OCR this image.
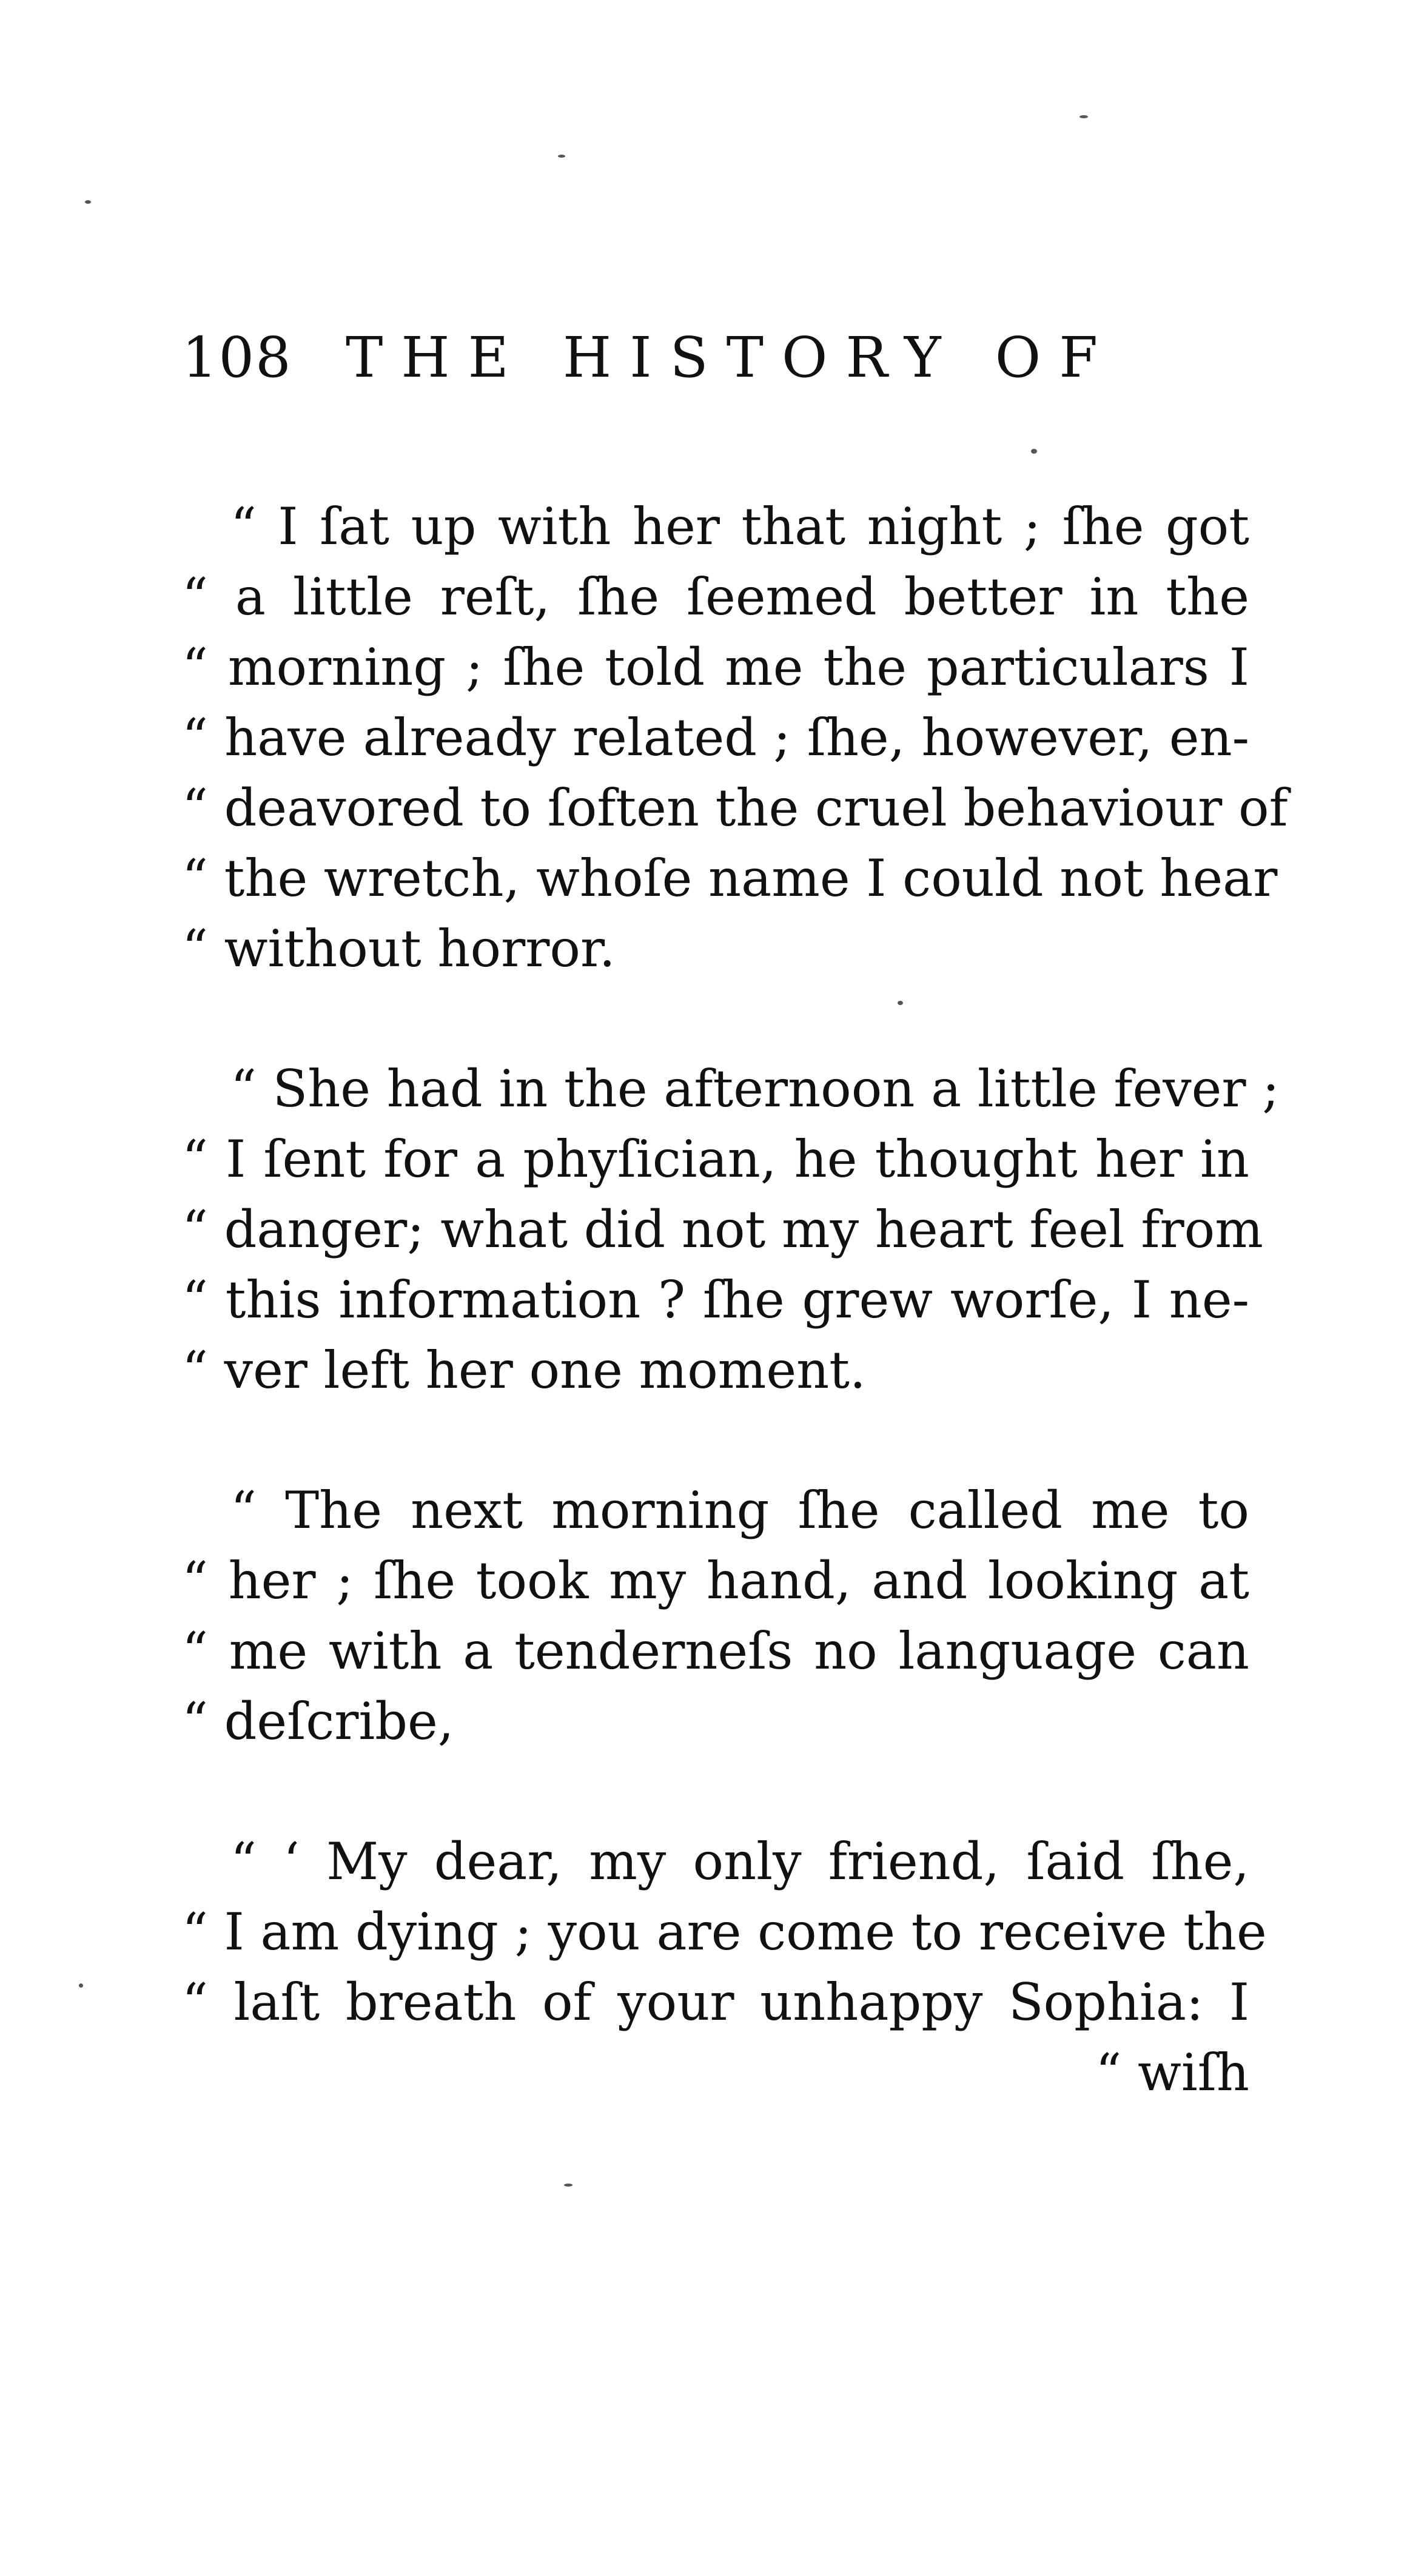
108 THE HISTORY OF
“ I ſat up with her that night ; ſhe got
“ a little reſt, ſhe ſeemed better in the
“ morning ; ſhe told me the particulars I
“ have already related ; ſhe, however, en-
“ deavored to ſoften the cruel behaviour of
“ the wretch, whoſe name I could not hear
“ without horror.
“ She had in the afternoon a little fever ;
“ I ſent for a phyſician, he thought her in
“ danger; what did not my heart feel from
“ this information ? ſhe grew worſe, I ne-
“ ver left her one moment.
“ The next morning ſhe called me to
“ her ; ſhe took my hand, and looking at
“ me with a tenderneſs no language can
“ deſcribe,
“ ‘ My dear, my only friend, ſaid ſhe,
“ I am dying ; you are come to receive the
“ laſt breath of your unhappy Sophia: I
“ wiſh
